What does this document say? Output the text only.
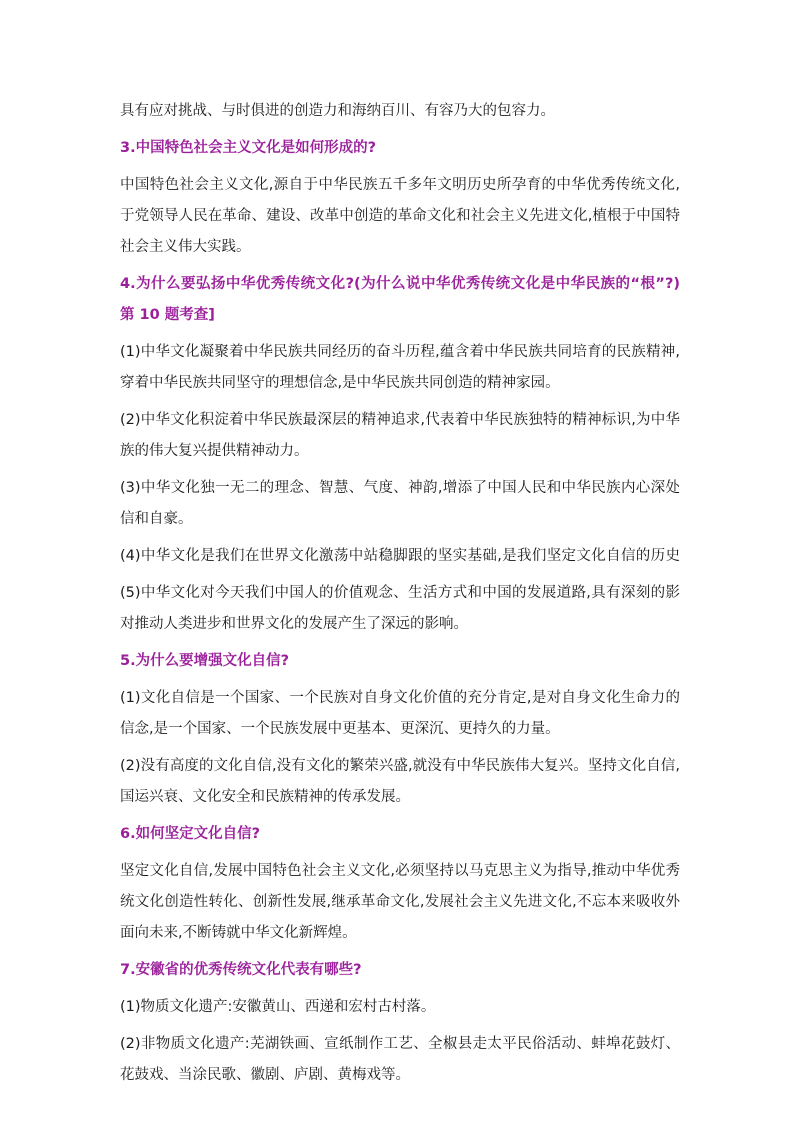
具有应对挑战、与时俱进的创造力和海纳百川、有容乃大的包容力。
3.中国特色社会主义文化是如何形成的?
中国特色社会主义文化,源自于中华民族五千多年文明历史所孕育的中华优秀传统文化,
于党领导人民在革命、建设、改革中创造的革命文化和社会主义先进文化,植根于中国特
社会主义伟大实践。
4.为什么要弘扬中华优秀传统文化?(为什么说中华优秀传统文化是中华民族的“根”?)
第 10 题考查]
(1)中华文化凝聚着中华民族共同经历的奋斗历程,蕴含着中华民族共同培育的民族精神,
穿着中华民族共同坚守的理想信念,是中华民族共同创造的精神家园。
(2)中华文化积淀着中华民族最深层的精神追求,代表着中华民族独特的精神标识,为中华
族的伟大复兴提供精神动力。
(3)中华文化独一无二的理念、智慧、气度、神韵,增添了中国人民和中华民族内心深处
信和自豪。
(4)中华文化是我们在世界文化激荡中站稳脚跟的坚实基础,是我们坚定文化自信的历史
(5)中华文化对今天我们中国人的价值观念、生活方式和中国的发展道路,具有深刻的影
对推动人类进步和世界文化的发展产生了深远的影响。
5.为什么要增强文化自信?
(1)文化自信是一个国家、一个民族对自身文化价值的充分肯定,是对自身文化生命力的
信念,是一个国家、一个民族发展中更基本、更深沉、更持久的力量。
(2)没有高度的文化自信,没有文化的繁荣兴盛,就没有中华民族伟大复兴。坚持文化自信,
国运兴衰、文化安全和民族精神的传承发展。
6.如何坚定文化自信?
坚定文化自信,发展中国特色社会主义文化,必须坚持以马克思主义为指导,推动中华优秀
统文化创造性转化、创新性发展,继承革命文化,发展社会主义先进文化,不忘本来吸收外
面向未来,不断铸就中华文化新辉煌。
7.安徽省的优秀传统文化代表有哪些?
(1)物质文化遗产:安徽黄山、西递和宏村古村落。
(2)非物质文化遗产:芜湖铁画、宣纸制作工艺、全椒县走太平民俗活动、蚌埠花鼓灯、
花鼓戏、当涂民歌、徽剧、庐剧、黄梅戏等。
